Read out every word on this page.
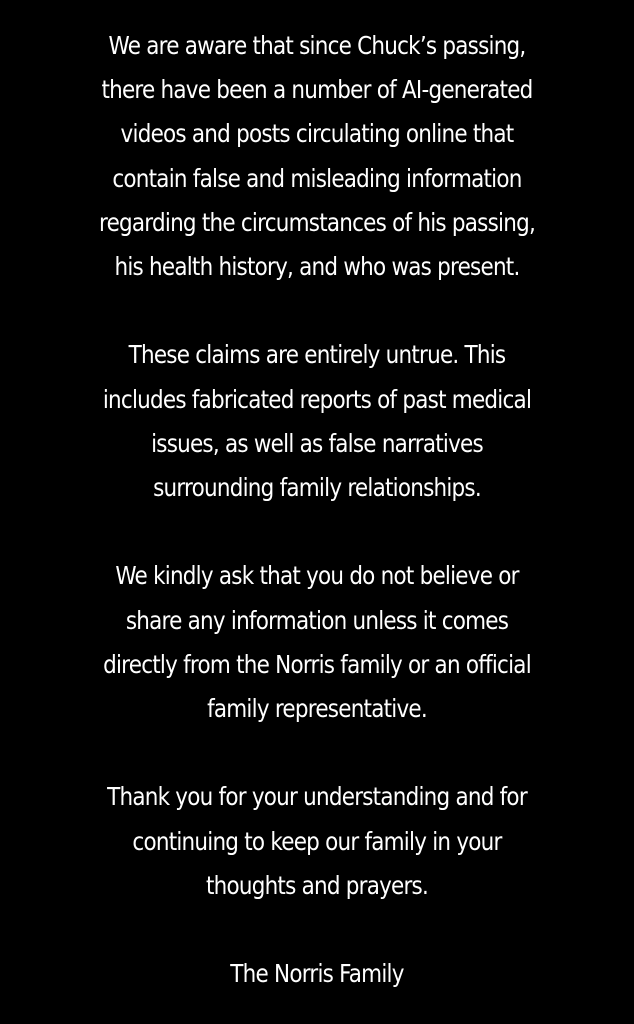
We are aware that since Chuck’s passing,
there have been a number of AI-generated
videos and posts circulating online that
contain false and misleading information
regarding the circumstances of his passing,
his health history, and who was present.
These claims are entirely untrue. This
includes fabricated reports of past medical
issues, as well as false narratives
surrounding family relationships.
We kindly ask that you do not believe or
share any information unless it comes
directly from the Norris family or an official
family representative.
Thank you for your understanding and for
continuing to keep our family in your
thoughts and prayers.
The Norris Family
